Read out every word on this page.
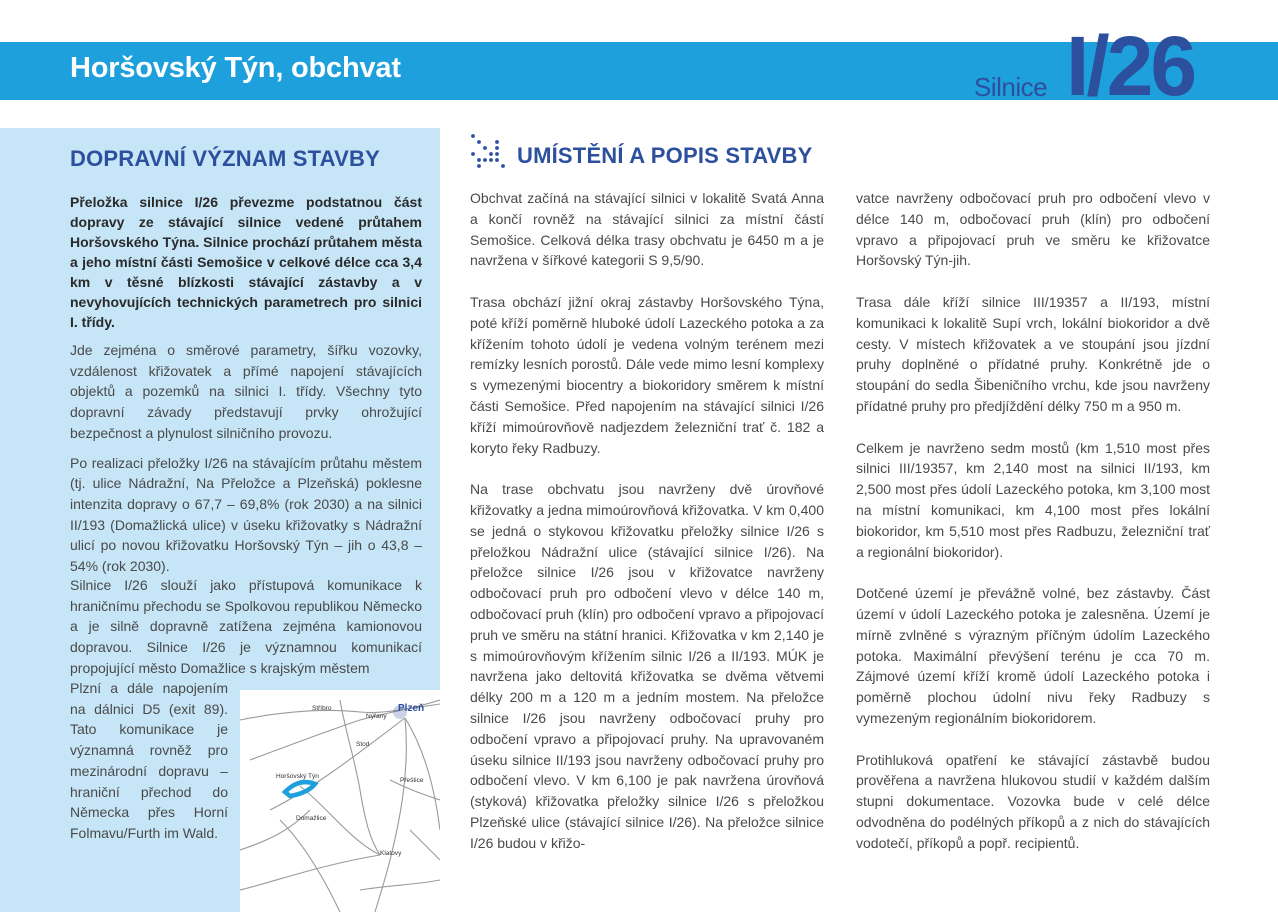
Horšovský Týn, obchvat
Silnice I/26
DOPRAVNÍ VÝZNAM STAVBY

Přeložka silnice I/26 převezme podstatnou část dopravy ze stávající silnice vedené průtahem Horšovského Týna. Silnice prochází průtahem města a jeho místní části Semošice v celkové délce cca 3,4 km v těsné blízkosti stávající zástavby a v nevyhovujících technických parametrech pro silnici I. třídy.

Jde zejména o směrové parametry, šířku vozovky, vzdálenost křižovatek a přímé napojení stávajících objektů a pozemků na silnici I. třídy. Všechny tyto dopravní závady představují prvky ohrožující bezpečnost a plynulost silničního provozu.

Po realizaci přeložky I/26 na stávajícím průtahu městem (tj. ulice Nádražní, Na Přeložce a Plzeňská) poklesne intenzita dopravy o 67,7 – 69,8% (rok 2030) a na silnici II/193 (Domažlická ulice) v úseku křižovatky s Nádražní ulicí po novou křižovatku Horšovský Týn – jih o 43,8 – 54% (rok 2030).

Silnice I/26 slouží jako přístupová komunikace k hraničnímu přechodu se Spolkovou republikou Německo a je silně dopravně zatížena zejména kamionovou dopravou. Silnice I/26 je významnou komunikací propojující město Domažlice s krajským městem

Plzní a dále napojením na dálnici D5 (exit 89). Tato komunikace je významná rovněž pro mezinárodní dopravu – hraniční přechod do Německa přes Horní Folmavu/Furth im Wald.

Plzeň
Stříbro
Nýřany
Stod
Horšovský Týn
Přeštice
Domažlice
Klatovy
UMÍSTĚNÍ A POPIS STAVBY

Obchvat začíná na stávající silnici v lokalitě Svatá Anna a končí rovněž na stávající silnici za místní částí Semošice. Celková délka trasy obchvatu je 6450 m a je navržena v šířkové kategorii S 9,5/90.

Trasa obchází jižní okraj zástavby Horšovského Týna, poté kříží poměrně hluboké údolí Lazeckého potoka a za křížením tohoto údolí je vedena volným terénem mezi remízky lesních porostů. Dále vede mimo lesní komplexy s vymezenými biocentry a biokoridory směrem k místní části Semošice. Před napojením na stávající silnici I/26 kříží mimoúrovňově nadjezdem železniční trať č. 182 a koryto řeky Radbuzy.

Na trase obchvatu jsou navrženy dvě úrovňové křižovatky a jedna mimoúrovňová křižovatka. V km 0,400 se jedná o stykovou křižovatku přeložky silnice I/26 s přeložkou Nádražní ulice (stávající silnice I/26). Na přeložce silnice I/26 jsou v křižovatce navrženy odbočovací pruh pro odbočení vlevo v délce 140 m, odbočovací pruh (klín) pro odbočení vpravo a připojovací pruh ve směru na státní hranici. Křižovatka v km 2,140 je s mimoúrovňovým křížením silnic I/26 a II/193. MÚK je navržena jako deltovitá křižovatka se dvěma větvemi délky 200 m a 120 m a jedním mostem. Na přeložce silnice I/26 jsou navrženy odbočovací pruhy pro odbočení vpravo a připojovací pruhy. Na upravovaném úseku silnice II/193 jsou navrženy odbočovací pruhy pro odbočení vlevo. V km 6,100 je pak navržena úrovňová (styková) křižovatka přeložky silnice I/26 s přeložkou Plzeňské ulice (stávající silnice I/26). Na přeložce silnice I/26 budou v křižo-

vatce navrženy odbočovací pruh pro odbočení vlevo v délce 140 m, odbočovací pruh (klín) pro odbočení vpravo a připojovací pruh ve směru ke křižovatce Horšovský Týn-jih.

Trasa dále kříží silnice III/19357 a II/193, místní komunikaci k lokalitě Supí vrch, lokální biokoridor a dvě cesty. V místech křižovatek a ve stoupání jsou jízdní pruhy doplněné o přídatné pruhy. Konkrétně jde o stoupání do sedla Šibeničního vrchu, kde jsou navrženy přídatné pruhy pro předjíždění délky 750 m a 950 m.

Celkem je navrženo sedm mostů (km 1,510 most přes silnici III/19357, km 2,140 most na silnici II/193, km 2,500 most přes údolí Lazeckého potoka, km 3,100 most na místní komunikaci, km 4,100 most přes lokální biokoridor, km 5,510 most přes Radbuzu, železniční trať a regionální biokoridor).

Dotčené území je převážně volné, bez zástavby. Část území v údolí Lazeckého potoka je zalesněna. Území je mírně zvlněné s výrazným příčným údolím Lazeckého potoka. Maximální převýšení terénu je cca 70 m. Zájmové území kříží kromě údolí Lazeckého potoka i poměrně plochou údolní nivu řeky Radbuzy s vymezeným regionálním biokoridorem.

Protihluková opatření ke stávající zástavbě budou prověřena a navržena hlukovou studií v každém dalším stupni dokumentace. Vozovka bude v celé délce odvodněna do podélných příkopů a z nich do stávajících vodotečí, příkopů a popř. recipientů.
